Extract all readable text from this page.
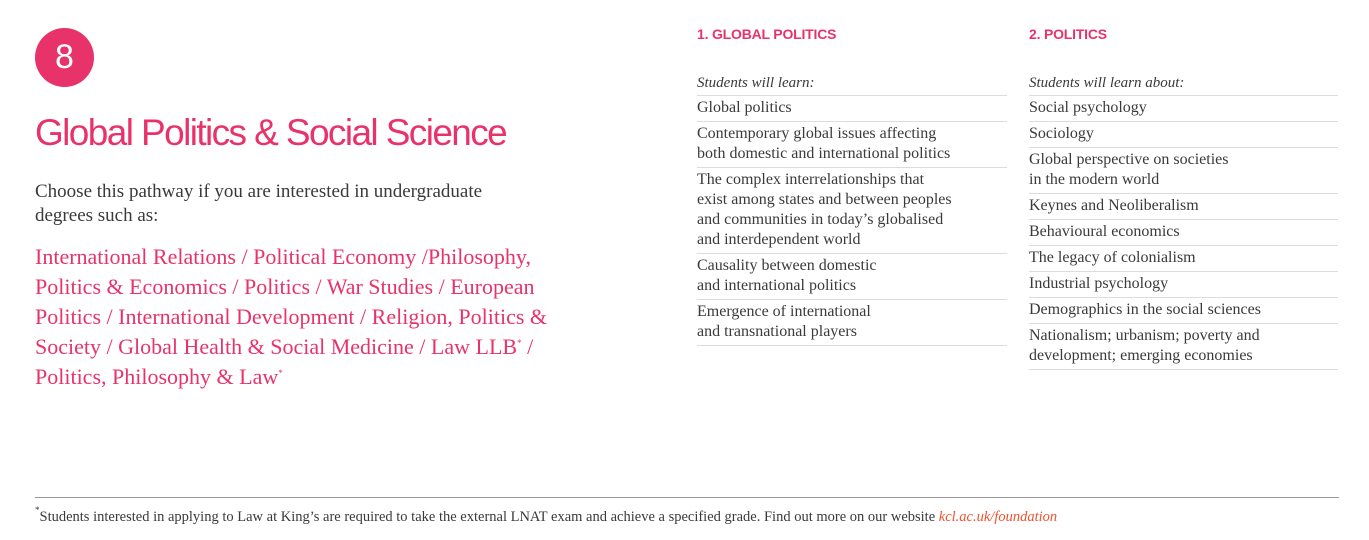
8
Global Politics & Social Science

Choose this pathway if you are interested in undergraduate degrees such as:

International Relations / Political Economy /Philosophy, Politics & Economics / Politics / War Studies / European Politics / International Development / Religion, Politics & Society / Global Health & Social Medicine / Law LLB* / Politics, Philosophy & Law*

1. GLOBAL POLITICS
Students will learn:
Global politics
Contemporary global issues affecting
both domestic and international politics
The complex interrelationships that
exist among states and between peoples
and communities in today’s globalised
and interdependent world
Causality between domestic
and international politics
Emergence of international
and transnational players
2. POLITICS
Students will learn about:
Social psychology
Sociology
Global perspective on societies
in the modern world
Keynes and Neoliberalism
Behavioural economics
The legacy of colonialism
Industrial psychology
Demographics in the social sciences
Nationalism; urbanism; poverty and
development; emerging economies

*Students interested in applying to Law at King’s are required to take the external LNAT exam and achieve a specified grade. Find out more on our website kcl.ac.uk/foundation
